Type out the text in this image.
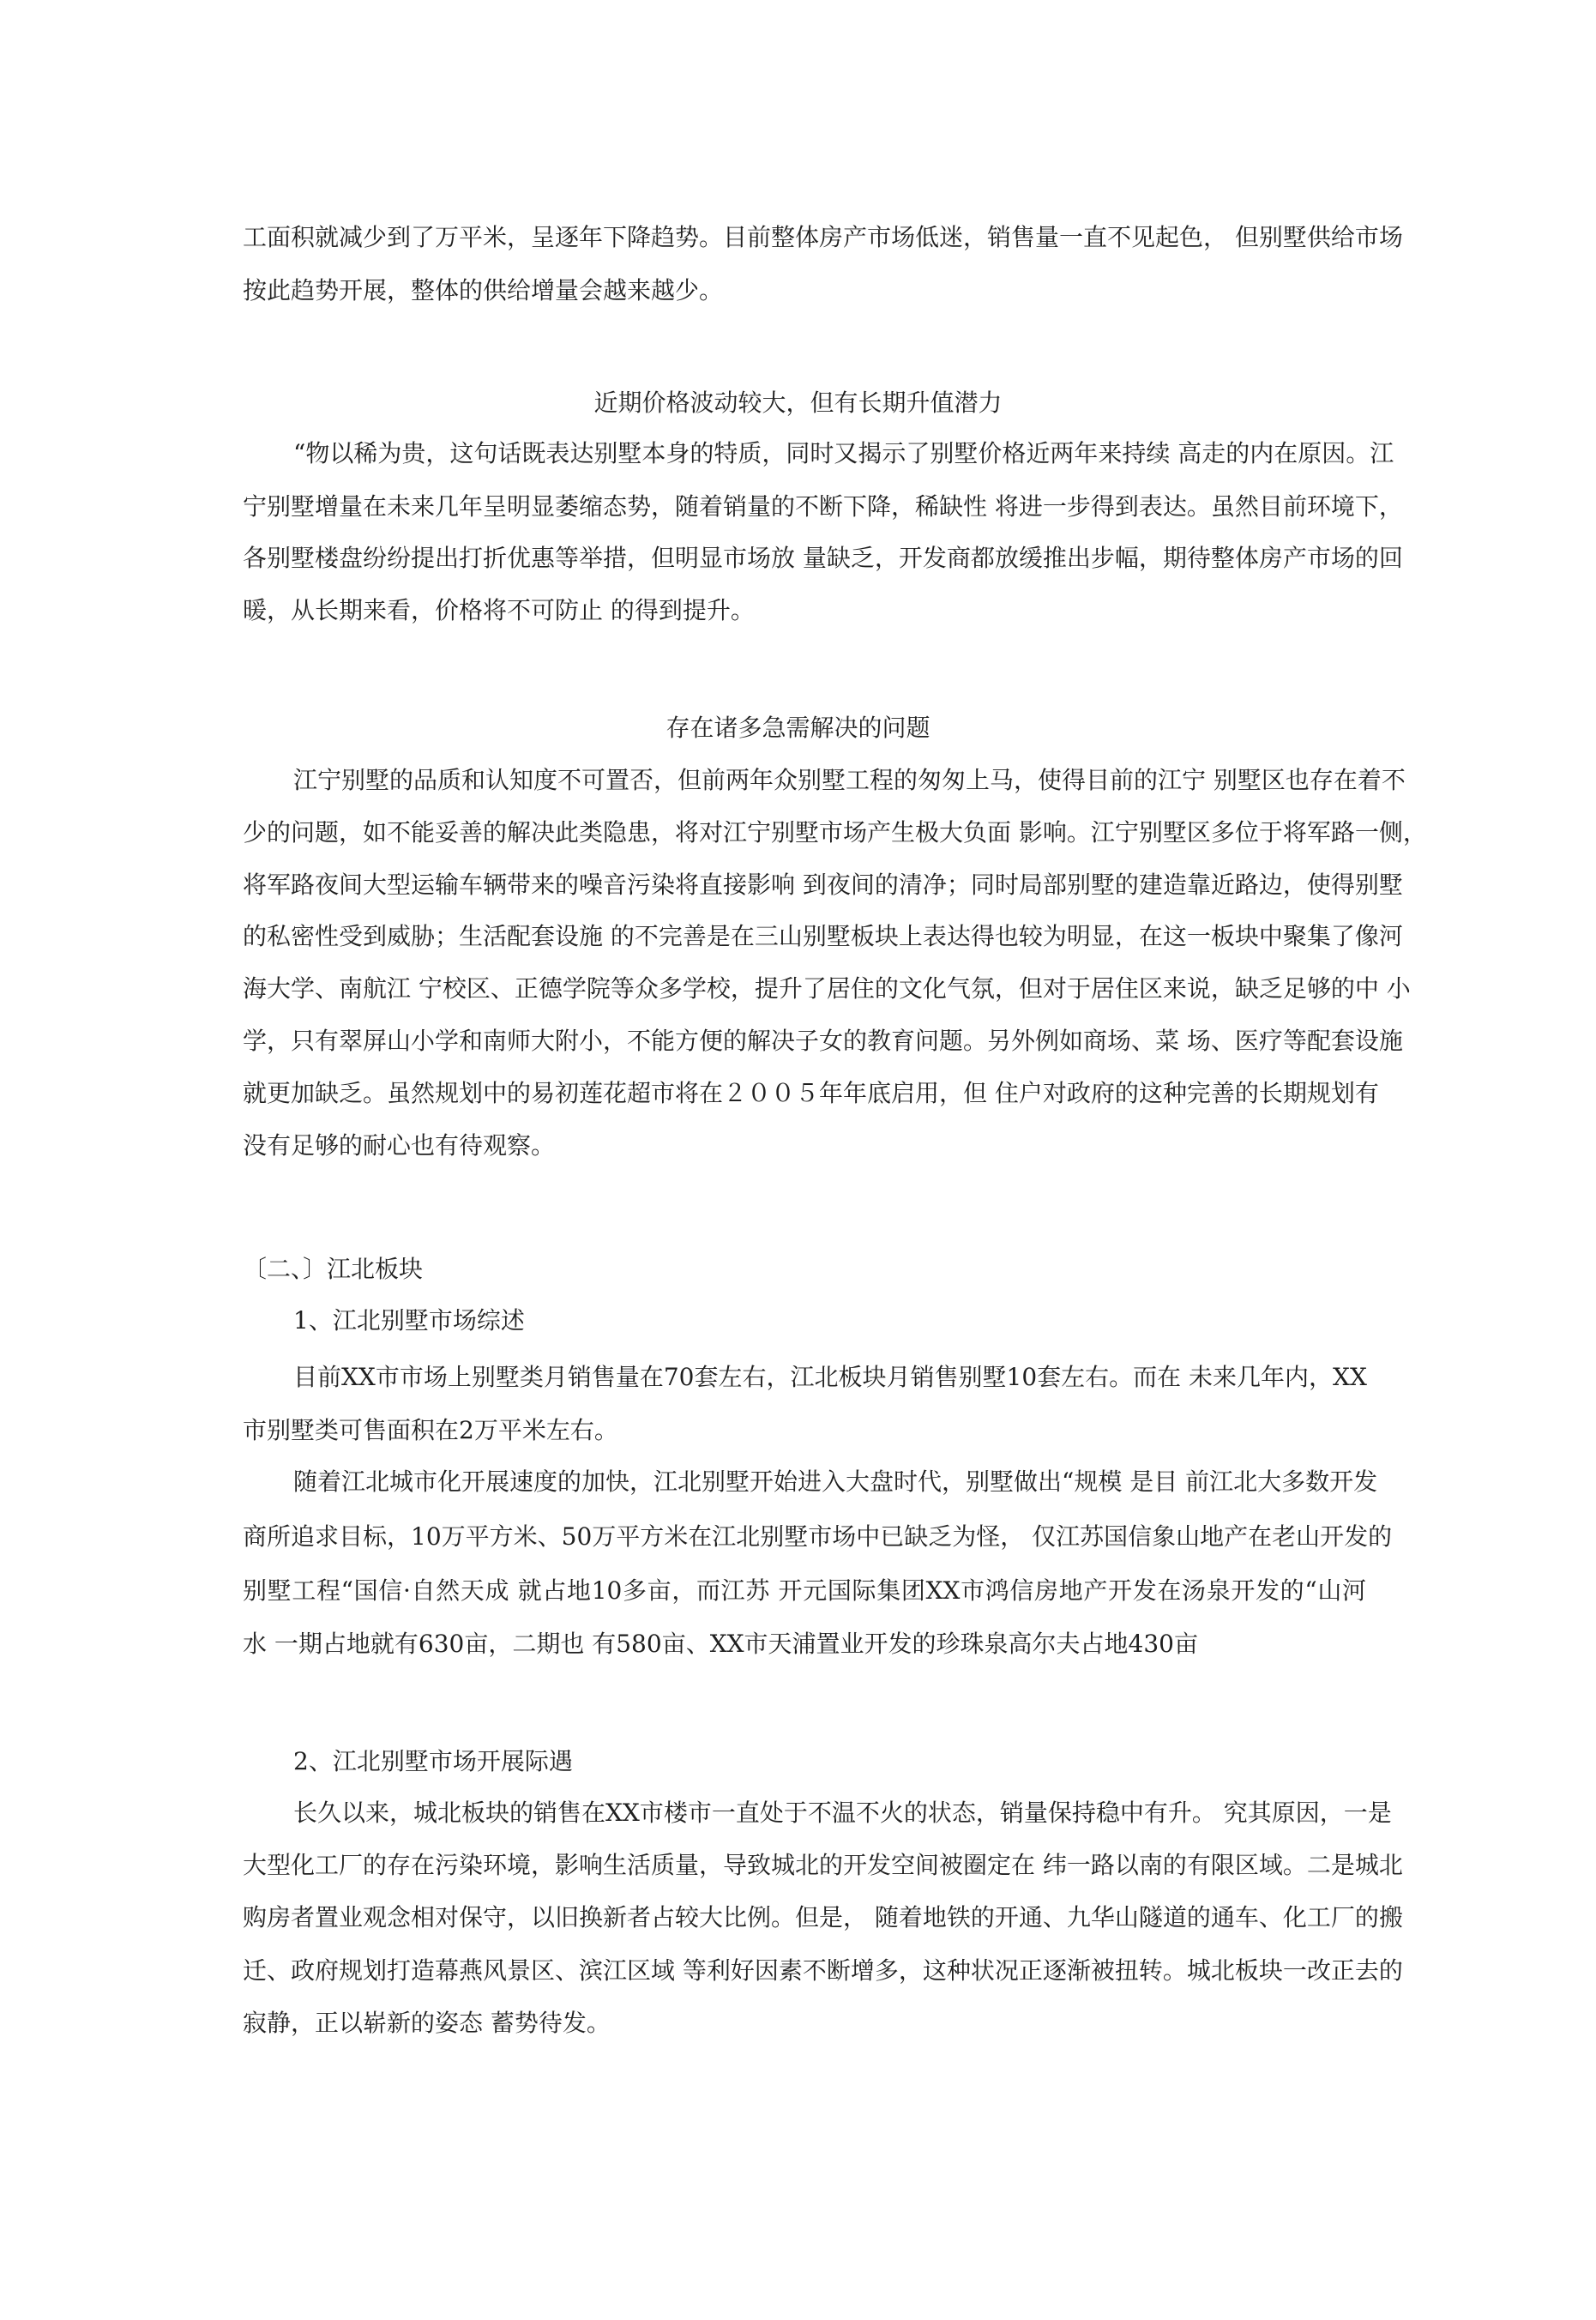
工面积就减少到了万平米，呈逐年下降趋势。目前整体房产市场低迷，销售量一直不见起色， 但别墅供给市场
按此趋势开展，整体的供给增量会越来越少。
近期价格波动较大，但有长期升值潜力
“物以稀为贵，这句话既表达别墅本身的特质，同时又揭示了别墅价格近两年来持续 高走的内在原因。江
宁别墅增量在未来几年呈明显萎缩态势，随着销量的不断下降，稀缺性 将进一步得到表达。虽然目前环境下，
各别墅楼盘纷纷提出打折优惠等举措，但明显市场放 量缺乏，开发商都放缓推出步幅，期待整体房产市场的回
暖，从长期来看，价格将不可防止 的得到提升。
存在诸多急需解决的问题
江宁别墅的品质和认知度不可置否，但前两年众别墅工程的匆匆上马，使得目前的江宁 别墅区也存在着不
少的问题，如不能妥善的解决此类隐患，将对江宁别墅市场产生极大负面 影响。江宁别墅区多位于将军路一侧，
将军路夜间大型运输车辆带来的噪音污染将直接影响 到夜间的清净；同时局部别墅的建造靠近路边，使得别墅
的私密性受到威胁；生活配套设施 的不完善是在三山别墅板块上表达得也较为明显，在这一板块中聚集了像河
海大学、南航江 宁校区、正德学院等众多学校，提升了居住的文化气氛，但对于居住区来说，缺乏足够的中 小
学，只有翠屏山小学和南师大附小，不能方便的解决子女的教育问题。另外例如商场、菜 场、医疗等配套设施
就更加缺乏。虽然规划中的易初莲花超市将在２００５年年底启用，但 住户对政府的这种完善的长期规划有
没有足够的耐心也有待观察。
〔二、〕江北板块
1、江北别墅市场综述
目前XX市市场上别墅类月销售量在70套左右，江北板块月销售别墅10套左右。而在 未来几年内，XX
市别墅类可售面积在2万平米左右。
随着江北城市化开展速度的加快，江北别墅开始进入大盘时代，别墅做出“规模 是目 前江北大多数开发
商所追求目标，10万平方米、50万平方米在江北别墅市场中已缺乏为怪， 仅江苏国信象山地产在老山开发的
别墅工程“国信·自然天成 就占地10多亩，而江苏 开元国际集团XX市鸿信房地产开发在汤泉开发的“山河
水 一期占地就有630亩，二期也 有580亩、XX市天浦置业开发的珍珠泉高尔夫占地430亩
2、江北别墅市场开展际遇
长久以来，城北板块的销售在XX市楼市一直处于不温不火的状态，销量保持稳中有升。 究其原因，一是
大型化工厂的存在污染环境，影响生活质量，导致城北的开发空间被圈定在 纬一路以南的有限区域。二是城北
购房者置业观念相对保守，以旧换新者占较大比例。但是， 随着地铁的开通、九华山隧道的通车、化工厂的搬
迁、政府规划打造幕燕风景区、滨江区域 等利好因素不断增多，这种状况正逐渐被扭转。城北板块一改正去的
寂静，正以崭新的姿态 蓄势待发。
